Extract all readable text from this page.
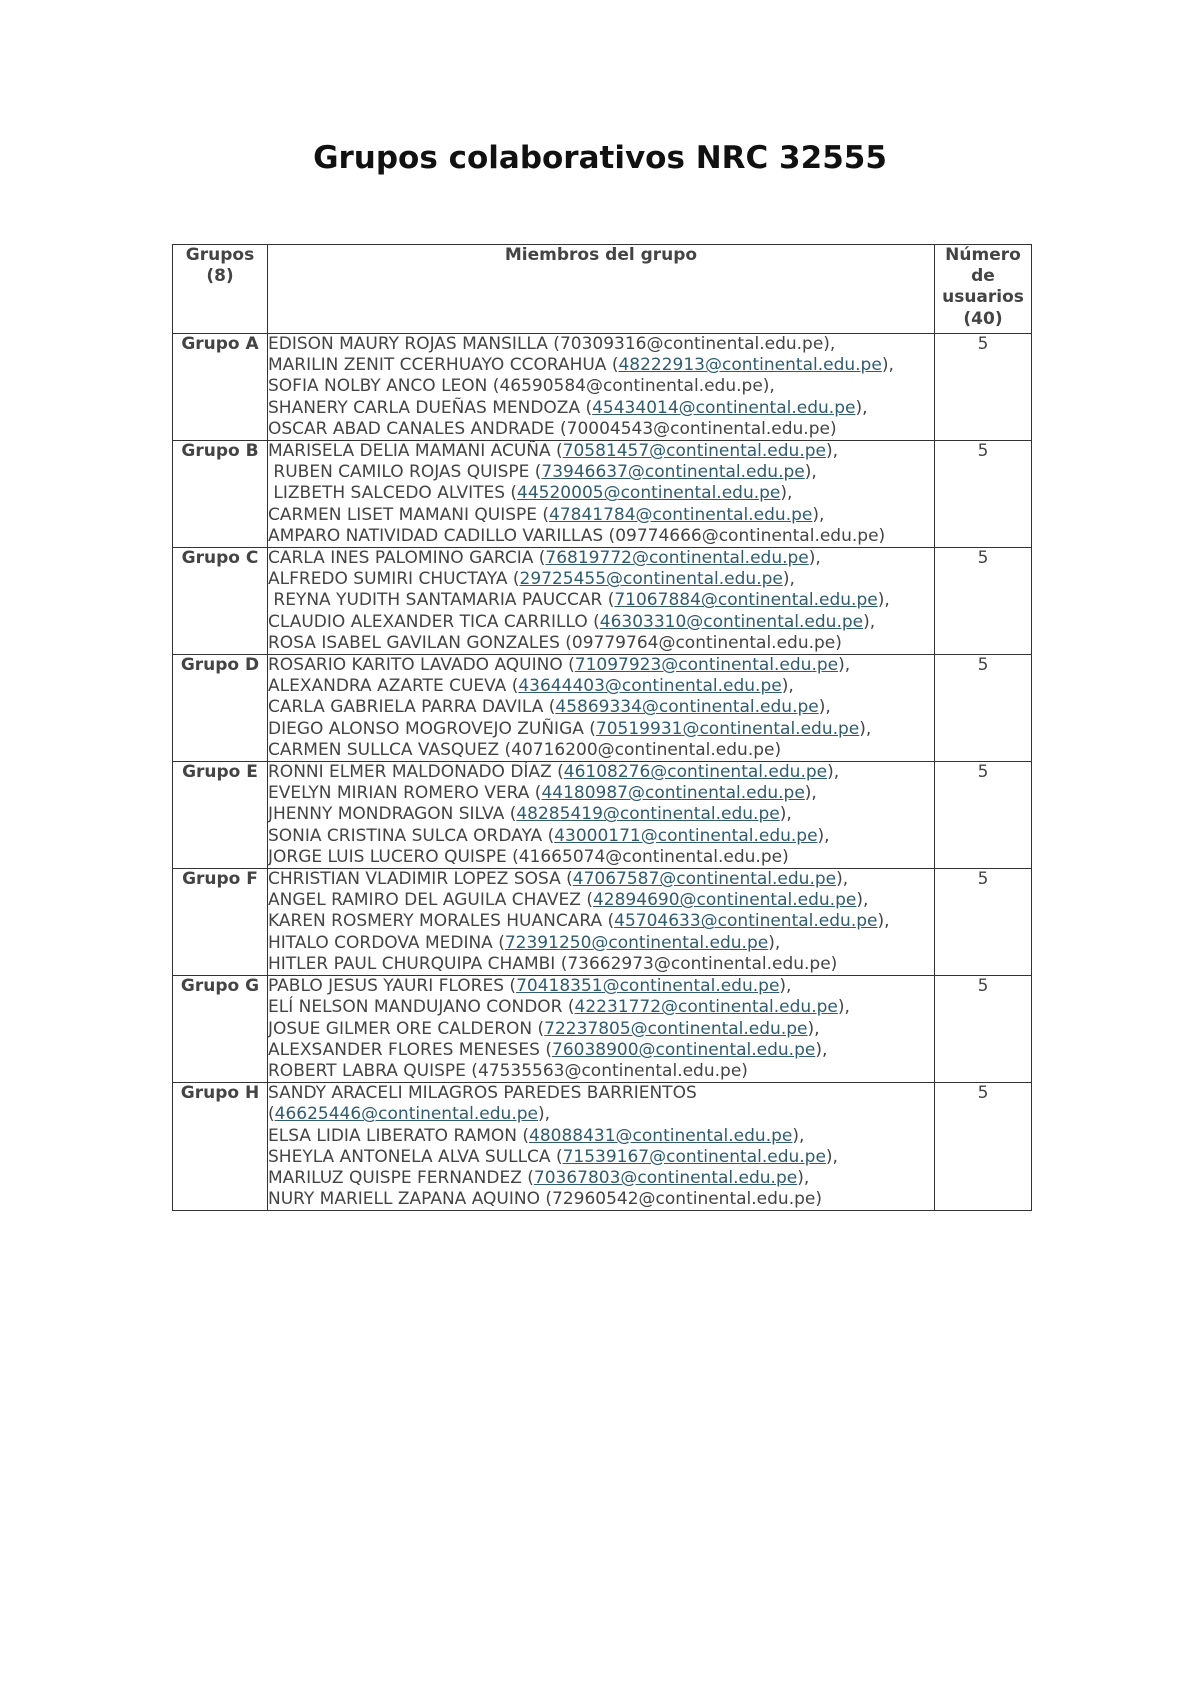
Grupos colaborativos NRC 32555
Grupos (8)	Miembros del grupo	Número de usuarios (40)
Grupo A	EDISON MAURY ROJAS MANSILLA (70309316@continental.edu.pe),
MARILIN ZENIT CCERHUAYO CCORAHUA (48222913@continental.edu.pe),
SOFIA NOLBY ANCO LEON (46590584@continental.edu.pe),
SHANERY CARLA DUEÑAS MENDOZA (45434014@continental.edu.pe),
OSCAR ABAD CANALES ANDRADE (70004543@continental.edu.pe)	5
Grupo B	MARISELA DELIA MAMANI ACUÑA (70581457@continental.edu.pe),
RUBEN CAMILO ROJAS QUISPE (73946637@continental.edu.pe),
LIZBETH SALCEDO ALVITES (44520005@continental.edu.pe),
CARMEN LISET MAMANI QUISPE (47841784@continental.edu.pe),
AMPARO NATIVIDAD CADILLO VARILLAS (09774666@continental.edu.pe)	5
Grupo C	CARLA INES PALOMINO GARCIA (76819772@continental.edu.pe),
ALFREDO SUMIRI CHUCTAYA (29725455@continental.edu.pe),
REYNA YUDITH SANTAMARIA PAUCCAR (71067884@continental.edu.pe),
CLAUDIO ALEXANDER TICA CARRILLO (46303310@continental.edu.pe),
ROSA ISABEL GAVILAN GONZALES (09779764@continental.edu.pe)	5
Grupo D	ROSARIO KARITO LAVADO AQUINO (71097923@continental.edu.pe),
ALEXANDRA AZARTE CUEVA (43644403@continental.edu.pe),
CARLA GABRIELA PARRA DAVILA (45869334@continental.edu.pe),
DIEGO ALONSO MOGROVEJO ZUÑIGA (70519931@continental.edu.pe),
CARMEN SULLCA VASQUEZ (40716200@continental.edu.pe)	5
Grupo E	RONNI ELMER MALDONADO DÍAZ (46108276@continental.edu.pe),
EVELYN MIRIAN ROMERO VERA (44180987@continental.edu.pe),
JHENNY MONDRAGON SILVA (48285419@continental.edu.pe),
SONIA CRISTINA SULCA ORDAYA (43000171@continental.edu.pe),
JORGE LUIS LUCERO QUISPE (41665074@continental.edu.pe)	5
Grupo F	CHRISTIAN VLADIMIR LOPEZ SOSA (47067587@continental.edu.pe),
ANGEL RAMIRO DEL AGUILA CHAVEZ (42894690@continental.edu.pe),
KAREN ROSMERY MORALES HUANCARA (45704633@continental.edu.pe),
HITALO CORDOVA MEDINA (72391250@continental.edu.pe),
HITLER PAUL CHURQUIPA CHAMBI (73662973@continental.edu.pe)	5
Grupo G	PABLO JESUS YAURI FLORES (70418351@continental.edu.pe),
ELÍ NELSON MANDUJANO CONDOR (42231772@continental.edu.pe),
JOSUE GILMER ORE CALDERON (72237805@continental.edu.pe),
ALEXSANDER FLORES MENESES (76038900@continental.edu.pe),
ROBERT LABRA QUISPE (47535563@continental.edu.pe)	5
Grupo H	SANDY ARACELI MILAGROS PAREDES BARRIENTOS (46625446@continental.edu.pe),
ELSA LIDIA LIBERATO RAMON (48088431@continental.edu.pe),
SHEYLA ANTONELA ALVA SULLCA (71539167@continental.edu.pe),
MARILUZ QUISPE FERNANDEZ (70367803@continental.edu.pe),
NURY MARIELL ZAPANA AQUINO (72960542@continental.edu.pe)	5
